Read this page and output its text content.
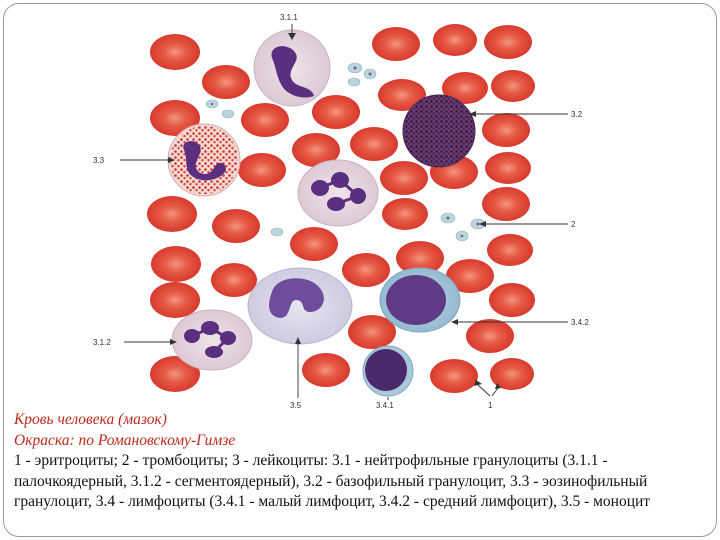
3.1.1
3.2
3.3
2
3.4.2
3.1.2
3.5	3.4.1	1
Кровь человека (мазок)
Окраска: по Романовскому-Гимзе
1 - эритроциты; 2 - тромбоциты; 3 - лейкоциты: 3.1 - нейтрофильные гранулоциты (3.1.1 - палочкоядерный, 3.1.2 - сегментоядерный), 3.2 - базофильный гранулоцит, 3.3 - эозинофильный гранулоцит, 3.4 - лимфоциты (3.4.1 - малый лимфоцит, 3.4.2 - средний лимфоцит), 3.5 - моноцит
